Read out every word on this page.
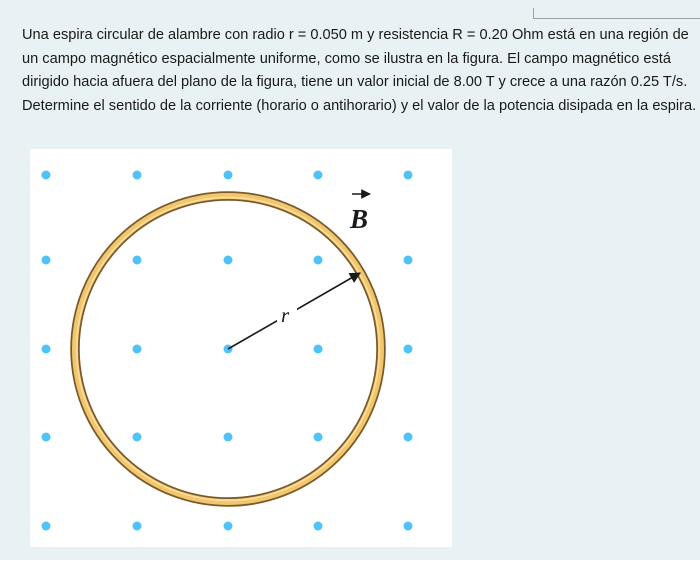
Una espira circular de alambre con radio r = 0.050 m y resistencia R = 0.20 Ohm está en una región de un campo magnético espacialmente uniforme, como se ilustra en la figura. El campo magnético está dirigido hacia afuera del plano de la figura, tiene un valor inicial de 8.00 T y crece a una razón 0.25 T/s. Determine el sentido de la corriente (horario o antihorario) y el valor de la potencia disipada en la espira.

r
B
